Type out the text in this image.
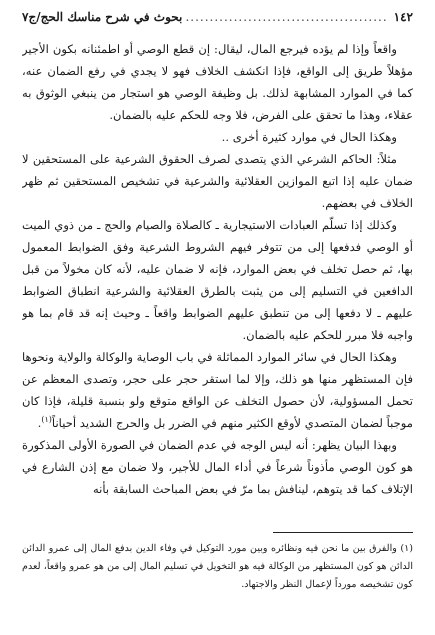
١٤٢
..........................................
بحوث في شرح مناسك الحج/ج٧

واقعاً وإذا لم يؤده فيرجع المال، ليقال: إن قطع الوصي أو اطمئنانه بكون الأجير مؤهلاً طريق إلى الواقع، فإذا انكشف الخلاف فهو لا يجدي في رفع الضمان عنه، كما في الموارد المشابهة لذلك. بل وظيفة الوصي هو استجار من ينبغي الوثوق به عقلاء، وهذا ما تحقق على الفرض، فلا وجه للحكم عليه بالضمان.

وهكذا الحال في موارد كثيرة أخرى ..

مثلاً: الحاكم الشرعي الذي يتصدى لصرف الحقوق الشرعية على المستحقين لا ضمان عليه إذا اتبع الموازين العقلائية والشرعية في تشخيص المستحقين ثم ظهر الخلاف في بعضهم.

وكذلك إذا تسلّم العبادات الاستيجارية ـ كالصلاة والصيام والحج ـ من ذوي الميت أو الوصي فدفعها إلى من تتوفر فيهم الشروط الشرعية وفق الضوابط المعمول بها، ثم حصل تخلف في بعض الموارد، فإنه لا ضمان عليه، لأنه كان مخولاً من قبل الدافعين في التسليم إلى من يثبت بالطرق العقلائية والشرعية انطباق الضوابط عليهم ـ لا دفعها إلى من تنطبق عليهم الضوابط واقعاً ـ وحيث إنه قد قام بما هو واجبه فلا مبرر للحكم عليه بالضمان.

وهكذا الحال في سائر الموارد المماثلة في باب الوصاية والوكالة والولاية ونحوها فإن المستظهر منها هو ذلك، وإلا لما استقر حجر على حجر، وتصدى المعظم عن تحمل المسؤولية، لأن حصول التخلف عن الواقع متوقع ولو بنسبة قليلة، فإذا كان موجباً لضمان المتصدي لأوقع الكثير منهم في الضرر بل والحرج الشديد أحياناً$^{(١)}$.

وبهذا البيان يظهر: أنه ليس الوجه في عدم الضمان في الصورة الأولى المذكورة هو كون الوصي مأذوناً شرعاً في أداء المال للأجير، ولا ضمان مع إذن الشارع في الإتلاف كما قد يتوهم، لينافش بما مرّ في بعض المباحث السابقة بأنه

(١) والفرق بين ما نحن فيه ونظائره وبين مورد التوكيل في وفاء الدين بدفع المال إلى عمرو الدائن الدائن هو كون المستظهر من الوكالة فيه هو التخويل في تسليم المال إلى من هو عمرو واقعاً، لعدم كون تشخيصه مورداً لإعمال النظر والاجتهاد.
